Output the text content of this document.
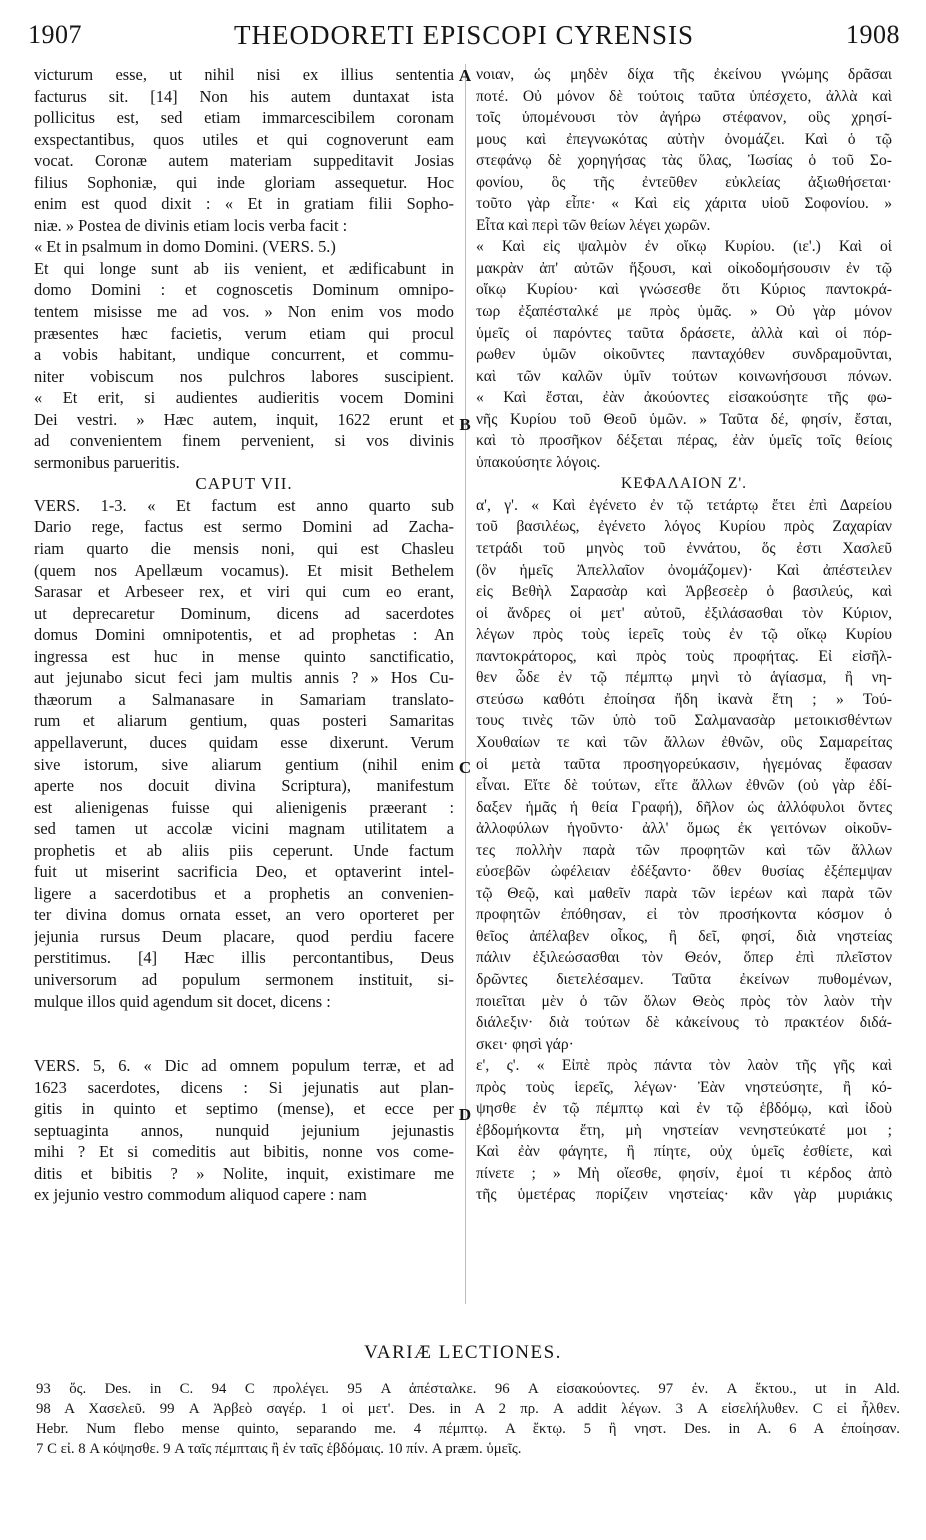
1907	THEODORETI EPISCOPI CYRENSIS	1908
A
B
C
D
victurum esse, ut nihil nisi ex illius sententia
facturus sit. [14] Non his autem duntaxat ista
pollicitus est, sed etiam immarcescibilem coronam
exspectantibus, quos utiles et qui cognoverunt eam
vocat. Coronæ autem materiam suppeditavit Josias
filius Sophoniæ, qui inde gloriam assequetur. Hoc
enim est quod dixit : « Et in gratiam filii Sopho-
niæ. » Postea de divinis etiam locis verba facit :
« Et in psalmum in domo Domini. (VERS. 5.)
Et qui longe sunt ab iis venient, et ædificabunt in
domo Domini : et cognoscetis Dominum omnipo-
tentem misisse me ad vos. » Non enim vos modo
præsentes hæc facietis, verum etiam qui procul
a vobis habitant, undique concurrent, et commu-
niter vobiscum nos pulchros labores suscipient.
« Et erit, si audientes audieritis vocem Domini
Dei vestri. » Hæc autem, inquit, 1622 erunt et
ad convenientem finem pervenient, si vos divinis
sermonibus parueritis.
CAPUT VII.
VERS. 1-3. « Et factum est anno quarto sub
Dario rege, factus est sermo Domini ad Zacha-
riam quarto die mensis noni, qui est Chasleu
(quem nos Apellæum vocamus). Et misit Bethelem
Sarasar et Arbeseer rex, et viri qui cum eo erant,
ut deprecaretur Dominum, dicens ad sacerdotes
domus Domini omnipotentis, et ad prophetas : An
ingressa est huc in mense quinto sanctificatio,
aut jejunabo sicut feci jam multis annis ? » Hos Cu-
thæorum a Salmanasare in Samariam translato-
rum et aliarum gentium, quas posteri Samaritas
appellaverunt, duces quidam esse dixerunt. Verum
sive istorum, sive aliarum gentium (nihil enim
aperte nos docuit divina Scriptura), manifestum
est alienigenas fuisse qui alienigenis præerant :
sed tamen ut accolæ vicini magnam utilitatem a
prophetis et ab aliis piis ceperunt. Unde factum
fuit ut miserint sacrificia Deo, et optaverint intel-
ligere a sacerdotibus et a prophetis an convenien-
ter divina domus ornata esset, an vero oporteret per
jejunia rursus Deum placare, quod perdiu facere
perstitimus. [4] Hæc illis percontantibus, Deus
universorum ad populum sermonem instituit, si-
mulque illos quid agendum sit docet, dicens :
VERS. 5, 6. « Dic ad omnem populum terræ, et ad
1623 sacerdotes, dicens : Si jejunatis aut plan-
gitis in quinto et septimo (mense), et ecce per
septuaginta annos, nunquid jejunium jejunastis
mihi ? Et si comeditis aut bibitis, nonne vos come-
ditis et bibitis ? » Nolite, inquit, existimare me
ex jejunio vestro commodum aliquod capere : nam
νοιαν, ὡς μηδὲν δίχα τῆς ἐκείνου γνώμης δρᾶσαι
ποτέ. Οὐ μόνον δὲ τούτοις ταῦτα ὑπέσχετο, ἀλλὰ καὶ
τοῖς ὑπομένουσι τὸν ἀγήρω στέφανον, οὓς χρησί-
μους καὶ ἐπεγνωκότας αὐτὴν ὀνομάζει. Καὶ ὁ τῷ
στεφάνῳ δὲ χορηγήσας τὰς ὕλας, Ἰωσίας ὁ τοῦ Σο-
φονίου, ὃς τῆς ἐντεῦθεν εὐκλείας ἀξιωθήσεται·
τοῦτο γὰρ εἶπε· « Καὶ εἰς χάριτα υἱοῦ Σοφονίου. »
Εἶτα καὶ περὶ τῶν θείων λέγει χωρῶν.
« Καὶ εἰς ψαλμὸν ἐν οἴκῳ Κυρίου. (ιε'.) Καὶ οἱ
μακρὰν ἀπ' αὐτῶν ἥξουσι, καὶ οἰκοδομήσουσιν ἐν τῷ
οἴκῳ Κυρίου· καὶ γνώσεσθε ὅτι Κύριος παντοκρά-
τωρ ἐξαπέσταλκέ με πρὸς ὑμᾶς. » Οὐ γὰρ μόνον
ὑμεῖς οἱ παρόντες ταῦτα δράσετε, ἀλλὰ καὶ οἱ πόρ-
ρωθεν ὑμῶν οἰκοῦντες πανταχόθεν συνδραμοῦνται,
καὶ τῶν καλῶν ὑμῖν τούτων κοινωνήσουσι πόνων.
« Καὶ ἔσται, ἐὰν ἀκούοντες εἰσακούσητε τῆς φω-
νῆς Κυρίου τοῦ Θεοῦ ὑμῶν. » Ταῦτα δέ, φησίν, ἔσται,
καὶ τὸ προσῆκον δέξεται πέρας, ἐὰν ὑμεῖς τοῖς θείοις
ὑπακούσητε λόγοις.
ΚΕΦΑΛΑΙΟΝ Ζ'.
α', γ'. « Καὶ ἐγένετο ἐν τῷ τετάρτῳ ἔτει ἐπὶ Δαρείου
τοῦ βασιλέως, ἐγένετο λόγος Κυρίου πρὸς Ζαχαρίαν
τετράδι τοῦ μηνὸς τοῦ ἐννάτου, ὅς ἐστι Χασλεῦ
(ὃν ἡμεῖς Ἀπελλαῖον ὀνομάζομεν)· Καὶ ἀπέστειλεν
εἰς Βεθὴλ Σαρασὰρ καὶ Ἀρβεσεὲρ ὁ βασιλεύς, καὶ
οἱ ἄνδρες οἱ μετ' αὐτοῦ, ἐξιλάσασθαι τὸν Κύριον,
λέγων πρὸς τοὺς ἱερεῖς τοὺς ἐν τῷ οἴκῳ Κυρίου
παντοκράτορος, καὶ πρὸς τοὺς προφήτας. Εἰ εἰσῆλ-
θεν ὧδε ἐν τῷ πέμπτῳ μηνὶ τὸ ἁγίασμα, ἢ νη-
στεύσω καθότι ἐποίησα ἤδη ἱκανὰ ἔτη ; » Τού-
τους τινὲς τῶν ὑπὸ τοῦ Σαλμανασὰρ μετοικισθέντων
Χουθαίων τε καὶ τῶν ἄλλων ἐθνῶν, οὓς Σαμαρείτας
οἱ μετὰ ταῦτα προσηγορεύκασιν, ἡγεμόνας ἔφασαν
εἶναι. Εἴτε δὲ τούτων, εἴτε ἄλλων ἐθνῶν (οὐ γὰρ ἐδί-
δαξεν ἡμᾶς ἡ θεία Γραφή), δῆλον ὡς ἀλλόφυλοι ὄντες
ἀλλοφύλων ἡγοῦντο· ἀλλ' ὅμως ἐκ γειτόνων οἰκοῦν-
τες πολλὴν παρὰ τῶν προφητῶν καὶ τῶν ἄλλων
εὐσεβῶν ὠφέλειαν ἐδέξαντο· ὅθεν θυσίας ἐξέπεμψαν
τῷ Θεῷ, καὶ μαθεῖν παρὰ τῶν ἱερέων καὶ παρὰ τῶν
προφητῶν ἐπόθησαν, εἰ τὸν προσήκοντα κόσμον ὁ
θεῖος ἀπέλαβεν οἶκος, ἢ δεῖ, φησί, διὰ νηστείας
πάλιν ἐξιλεώσασθαι τὸν Θεόν, ὅπερ ἐπὶ πλεῖστον
δρῶντες διετελέσαμεν. Ταῦτα ἐκείνων πυθομένων,
ποιεῖται μὲν ὁ τῶν ὅλων Θεὸς πρὸς τὸν λαὸν τὴν
διάλεξιν· διὰ τούτων δὲ κἀκείνους τὸ πρακτέον διδά-
σκει· φησὶ γάρ·
ε', ς'. « Εἰπὲ πρὸς πάντα τὸν λαὸν τῆς γῆς καὶ
πρὸς τοὺς ἱερεῖς, λέγων· Ἐὰν νηστεύσητε, ἢ κό-
ψησθε ἐν τῷ πέμπτῳ καὶ ἐν τῷ ἑβδόμῳ, καὶ ἰδοὺ
ἑβδομήκοντα ἔτη, μὴ νηστείαν νενηστεύκατέ μοι ;
Καὶ ἐὰν φάγητε, ἢ πίητε, οὐχ ὑμεῖς ἐσθίετε, καὶ
πίνετε ; » Μὴ οἴεσθε, φησίν, ἐμοί τι κέρδος ἀπὸ
τῆς ὑμετέρας πορίζειν νηστείας· κἂν γὰρ μυριάκις
VARIÆ LECTIONES.
93 ὅς. Des. in C. 94 C προλέγει. 95 A ἀπέσταλκε. 96 A εἰσακούοντες. 97 ἐν. A ἕκτου., ut in Ald.
98 A Χασελεῦ. 99 A Ἀρβεὸ σαγέρ. 1 οἱ μετ'. Des. in A 2 πρ. A addit λέγων. 3 A εἰσελήλυθεν. C εἰ ἦλθεν.
Hebr. Num flebo mense quinto, separando me. 4 πέμπτῳ. A ἕκτῳ. 5 ἢ νηστ. Des. in A. 6 A ἐποίησαν.
7 C εἰ. 8 A κόψησθε. 9 A ταῖς πέμπταις ἢ ἐν ταῖς ἑβδόμαις. 10 πίν. A præm. ὑμεῖς.
